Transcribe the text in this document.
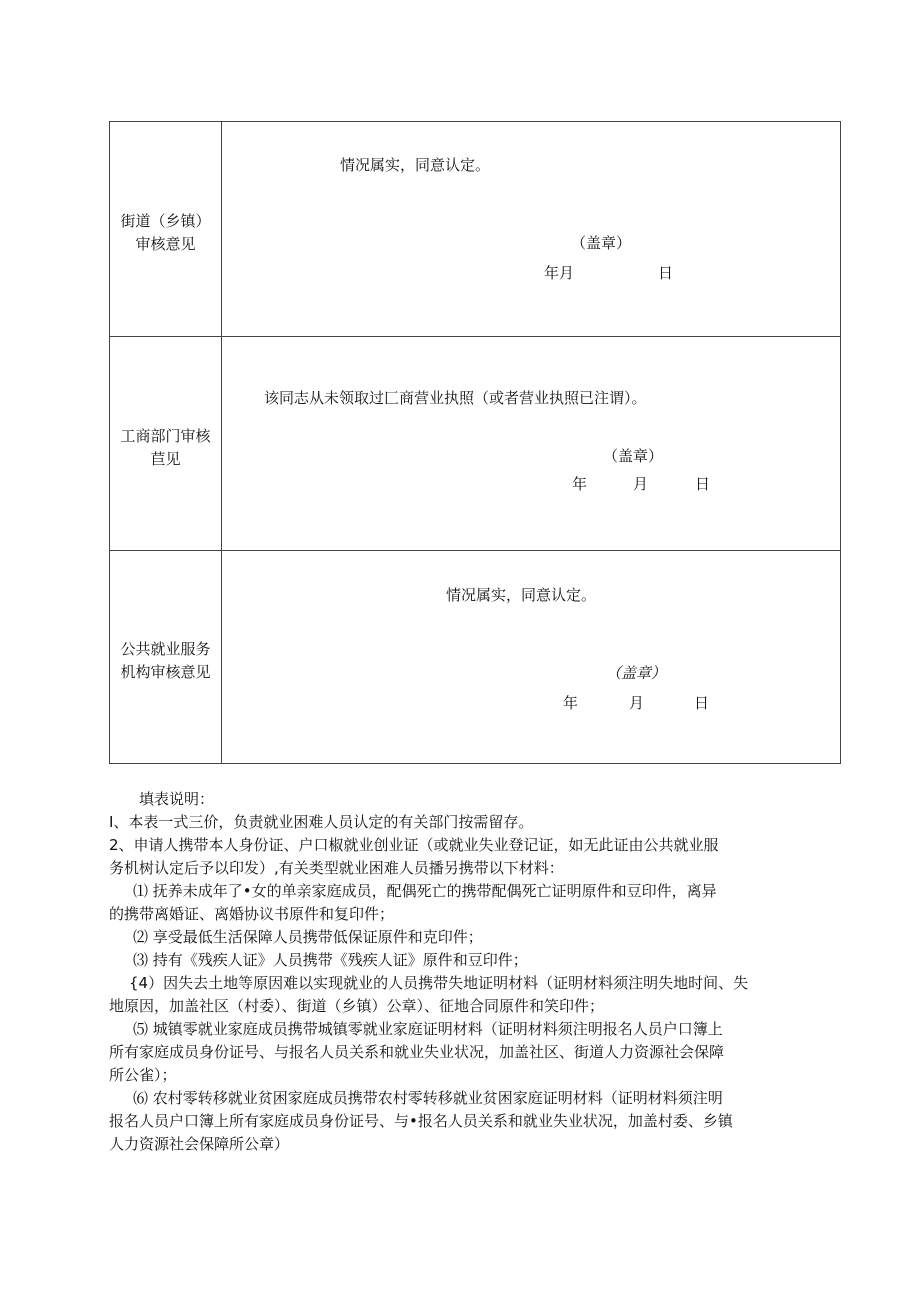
街道（乡镇）
审核意见
情况属实，同意认定。
（盖章）
年月	日
工商部门审核
苣见
该同志从未领取过匚商营业执照（或者营业执照已注谓）。
（盖章）
年	月	日
公共就业服务
机构审核意见
情况属实，同意认定。
（盖章）
年	月	日

填表说明：

I、本表一式三价，负责就业困难人员认定的有关部门按需留存。

2、申请人携带本人身份证、户口椒就业创业证（或就业失业登记证，如无此证由公共就业服

务机树认定后予以印发）,有关类型就业困难人员播另携带以下材料：

⑴ 抚养未成年了•女的单亲家庭成员，配偶死亡的携带配偶死亡证明原件和豆印件，离异

的携带离婚证、离婚协议书原件和复印件；

⑵ 享受最低生活保障人员携带低保证原件和克印件；

⑶ 持有《残疾人证》人员携带《残疾人证》原件和豆印件；

{4）因失去土地等原因难以实现就业的人员携带失地证明材料（证明材料须注明失地时间、失

地原因，加盖社区（村委）、街道（乡镇）公章）、征地合同原件和笑印件；

⑸ 城镇零就业家庭成员携带城镇零就业家庭证明材料（证明材料须注明报名人员户口簿上

所有家庭成员身份证号、与报名人员关系和就业失业状况，加盖社区、街道人力资源社会保障

所公雀）；

⑹ 农村零转移就业贫困家庭成员携带农村零转移就业贫困家庭证明材料（证明材料须注明

报名人员户口簿上所有家庭成员身份证号、与•报名人员关系和就业失业状况，加盖村委、乡镇

人力资源社会保障所公章）
